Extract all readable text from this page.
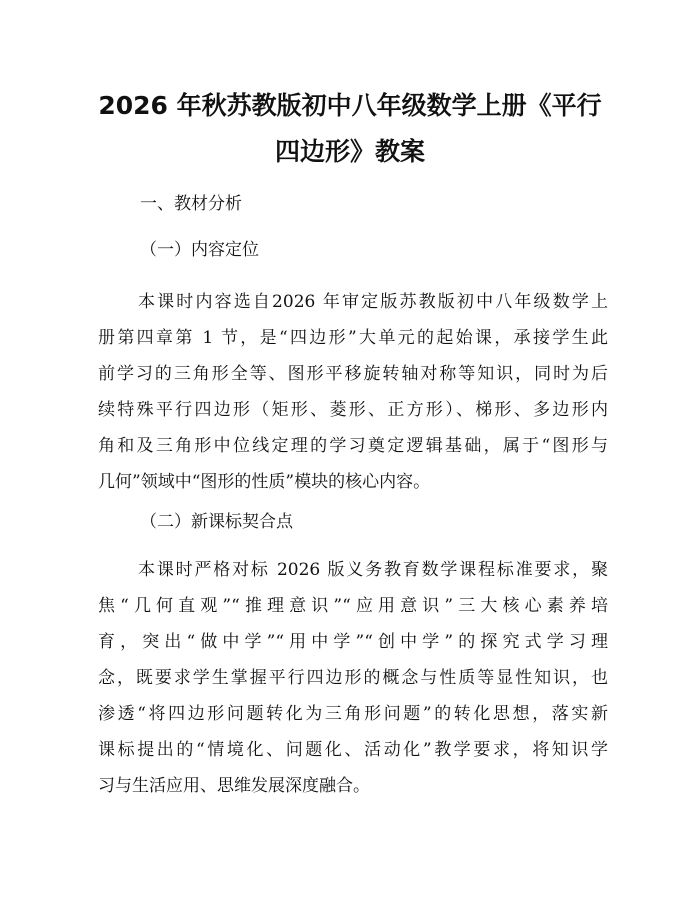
2026 年秋苏教版初中八年级数学上册《平行
四边形》教案
一、教材分析
（一）内容定位
本课时内容选自2026 年审定版苏教版初中八年级数学上
册第四章第 1 节，是“四边形”大单元的起始课，承接学生此
前学习的三角形全等、图形平移旋转轴对称等知识，同时为后
续特殊平行四边形（矩形、菱形、正方形）、梯形、多边形内
角和及三角形中位线定理的学习奠定逻辑基础，属于“图形与
几何”领域中“图形的性质”模块的核心内容。
（二）新课标契合点
本课时严格对标 2026 版义务教育数学课程标准要求，聚
焦“几何直观”“推理意识”“应用意识”三大核心素养培
育，突出“做中学”“用中学”“创中学”的探究式学习理
念，既要求学生掌握平行四边形的概念与性质等显性知识，也
渗透“将四边形问题转化为三角形问题”的转化思想，落实新
课标提出的“情境化、问题化、活动化”教学要求，将知识学
习与生活应用、思维发展深度融合。
